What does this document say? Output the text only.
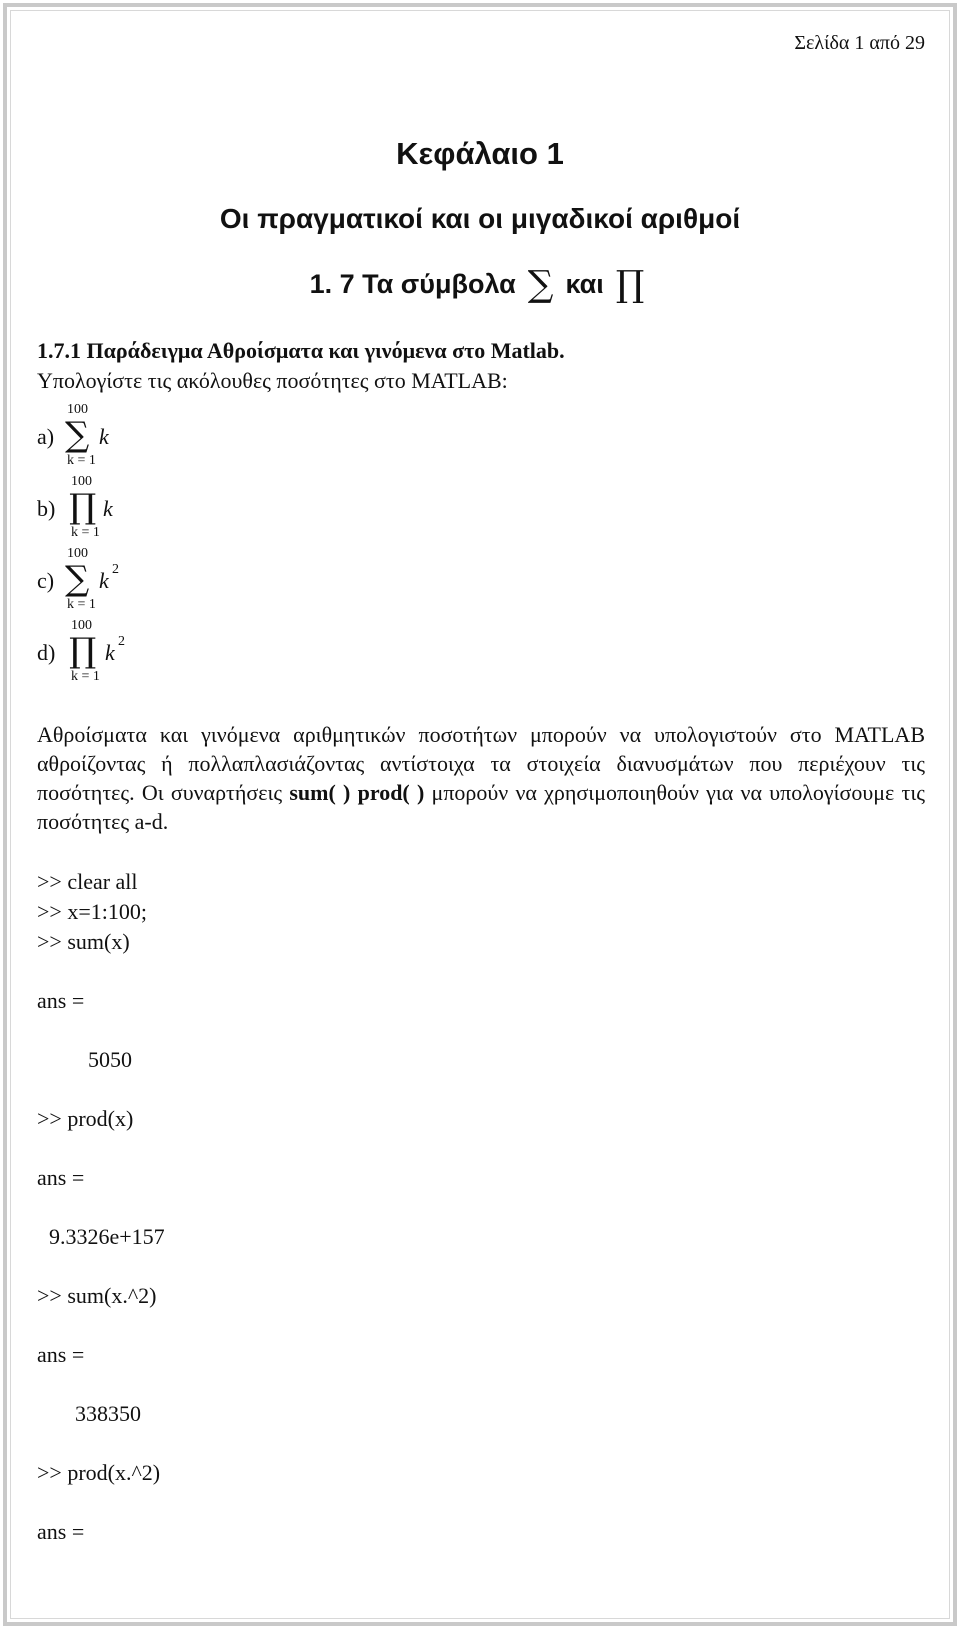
Σελίδα 1 από 29
Κεφάλαιο 1
Οι πραγματικοί και οι μιγαδικοί αριθμοί
1. 7 Τα σύμβολα ∑ και ∏
1.7.1 Παράδειγμα Αθροίσματα και γινόμενα στο Matlab.
Υπολογίστε τις ακόλουθες ποσότητες στο MATLAB:
a)
100
∑
k = 1
k
b)
100
∏
k = 1
k
c)
100
∑
k = 1
k 2
d)
100
∏
k = 1
k 2
Αθροίσματα και γινόμενα αριθμητικών ποσοτήτων μπορούν να υπολογιστούν στο MATLAB αθροίζοντας ή πολλαπλασιάζοντας αντίστοιχα τα στοιχεία διανυσμάτων που περιέχουν τις ποσότητες. Οι συναρτήσεις sum( ) prod( ) μπορούν να χρησιμοποιηθούν για να υπολογίσουμε τις ποσότητες a-d.
>> clear all
>> x=1:100;
>> sum(x)
ans =
5050
>> prod(x)
ans =
9.3326e+157
>> sum(x.^2)
ans =
338350
>> prod(x.^2)
ans =
